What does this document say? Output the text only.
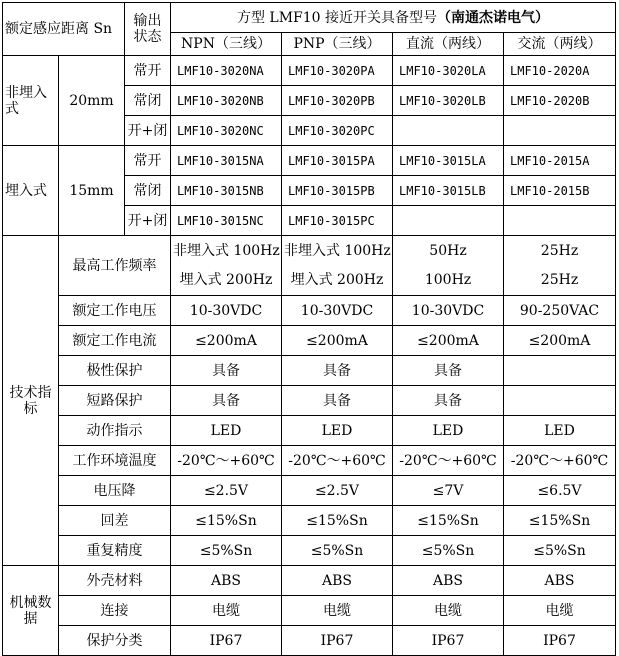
额定感应距离 Sn		输出状态	方型 LMF10 接近开关具备型号（南通杰诺电气）			
			NPN（三线）	PNP（三线）	直流（两线）	交流（两线）
非埋入式	20mm	常开	LMF10-3020NA	LMF10-3020PA	LMF10-3020LA	LMF10-2020A
		常闭	LMF10-3020NB	LMF10-3020PB	LMF10-3020LB	LMF10-2020B
		开+闭	LMF10-3020NC	LMF10-3020PC		
埋入式	15mm	常开	LMF10-3015NA	LMF10-3015PA	LMF10-3015LA	LMF10-2015A
		常闭	LMF10-3015NB	LMF10-3015PB	LMF10-3015LB	LMF10-2015B
		开+闭	LMF10-3015NC	LMF10-3015PC		
技术指标	最高工作频率		非埋入式 100Hz	非埋入式 100Hz	50Hz	25Hz
			埋入式 200Hz	埋入式 200Hz	100Hz	25Hz
	额定工作电压		10-30VDC	10-30VDC	10-30VDC	90-250VAC
	额定工作电流		≤200mA	≤200mA	≤200mA	≤200mA
	极性保护		具备	具备	具备	
	短路保护		具备	具备	具备	
	动作指示		LED	LED	LED	LED
	工作环境温度		-20℃～+60℃	-20℃～+60℃	-20℃～+60℃	-20℃～+60℃
	电压降		≤2.5V	≤2.5V	≤7V	≤6.5V
	回差		≤15%Sn	≤15%Sn	≤15%Sn	≤15%Sn
	重复精度		≤5%Sn	≤5%Sn	≤5%Sn	≤5%Sn
机械数据	外壳材料		ABS	ABS	ABS	ABS
	连接		电缆	电缆	电缆	电缆
	保护分类		IP67	IP67	IP67	IP67
